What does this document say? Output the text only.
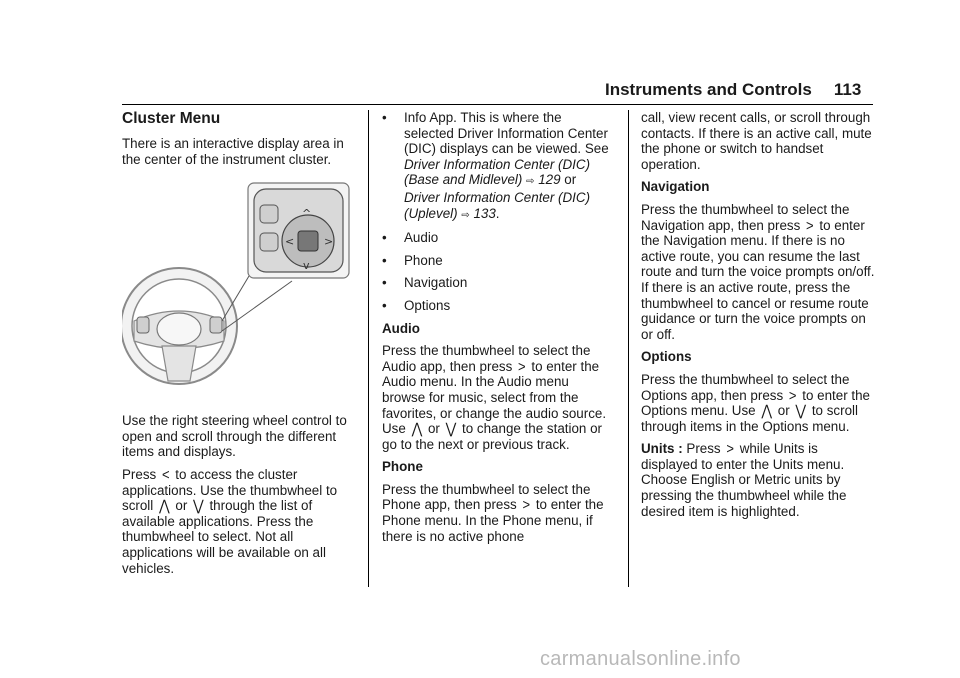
Instruments and Controls 113
Cluster Menu

There is an interactive display area in the center of the instrument cluster.

^
<	>
v

Use the right steering wheel control to open and scroll through the different items and displays.

Press < to access the cluster applications. Use the thumbwheel to scroll ⋀ or ⋁ through the list of available applications. Press the thumbwheel to select. Not all applications will be available on all vehicles.

• Info App. This is where the selected Driver Information Center (DIC) displays can be viewed. See Driver Information Center (DIC) (Base and Midlevel) ⇨ 129 or Driver Information Center (DIC) (Uplevel) ⇨ 133.
• Audio
• Phone
• Navigation
• Options
Audio

Press the thumbwheel to select the Audio app, then press > to enter the Audio menu. In the Audio menu browse for music, select from the favorites, or change the audio source. Use ⋀ or ⋁ to change the station or go to the next or previous track.

Phone

Press the thumbwheel to select the Phone app, then press > to enter the Phone menu. In the Phone menu, if there is no active phone

call, view recent calls, or scroll through contacts. If there is an active call, mute the phone or switch to handset operation.

Navigation

Press the thumbwheel to select the Navigation app, then press > to enter the Navigation menu. If there is no active route, you can resume the last route and turn the voice prompts on/off. If there is an active route, press the thumbwheel to cancel or resume route guidance or turn the voice prompts on or off.

Options

Press the thumbwheel to select the Options app, then press > to enter the Options menu. Use ⋀ or ⋁ to scroll through items in the Options menu.

Units : Press > while Units is displayed to enter the Units menu. Choose English or Metric units by pressing the thumbwheel while the desired item is highlighted.

carmanualsonline.info
